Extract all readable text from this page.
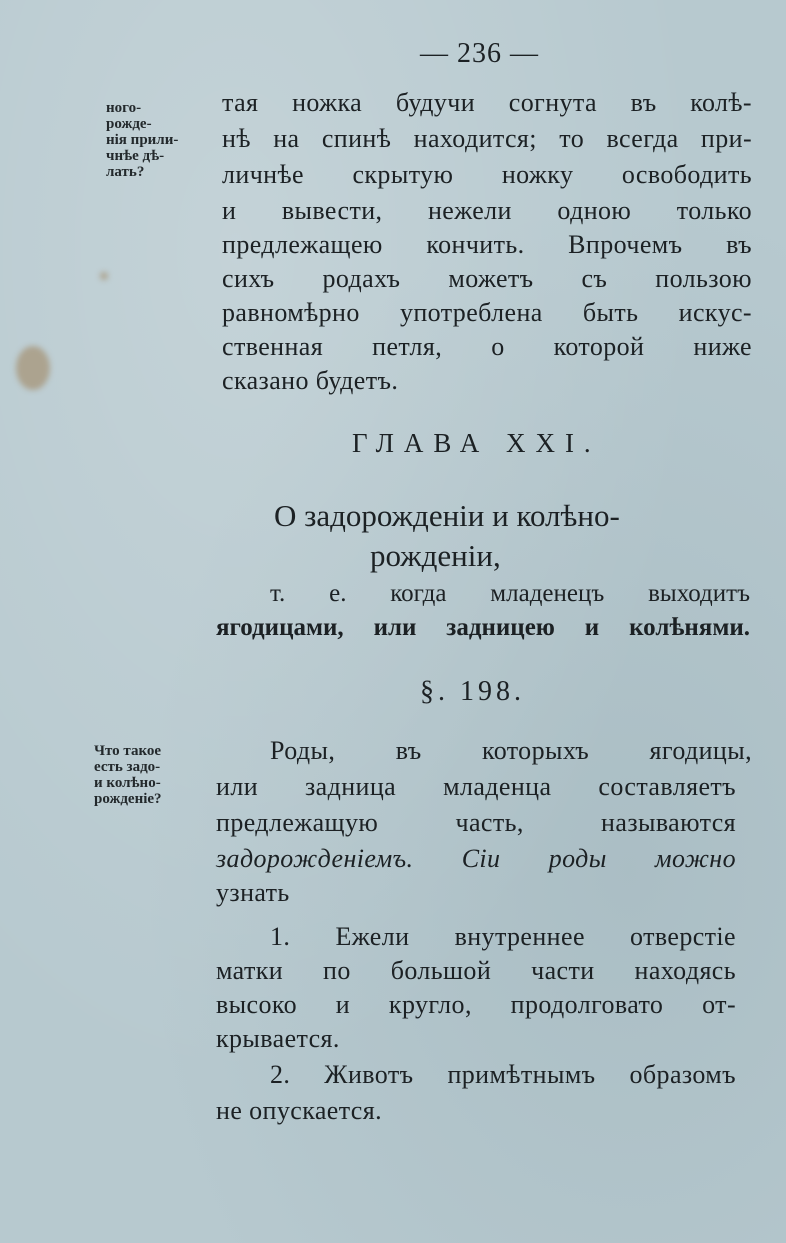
— 236 —
ного-
рожде-
нія прили-
чнѣе дѣ-
лать?
тая ножка будучи согнута въ колѣ-
нѣ на спинѣ находится; то всегда при-
личнѣе скрытую ножку освободить
и вывести, нежели одною только
предлежащею кончить. Впрочемъ въ
сихъ родахъ можетъ съ пользою
равномѣрно употреблена быть искус-
ственная петля, о которой ниже
сказано будетъ.
ГЛАВА XXI.
О задорожденіи и колѣно-
рожденіи,
т. е. когда младенецъ выходитъ
ягодицами, или задницею и колѣнями.
§. 198.
Что такое
есть задо-
и колѣно-
рожденіе?
Роды, въ которыхъ ягодицы,
или задница младенца составляетъ
предлежащую часть, называются
задорожденіемъ. Сіи роды можно
узнать
1. Ежели внутреннее отверстіе
матки по большой части находясь
высоко и кругло, продолговато от-
крывается.
2. Животъ примѣтнымъ образомъ
не опускается.
